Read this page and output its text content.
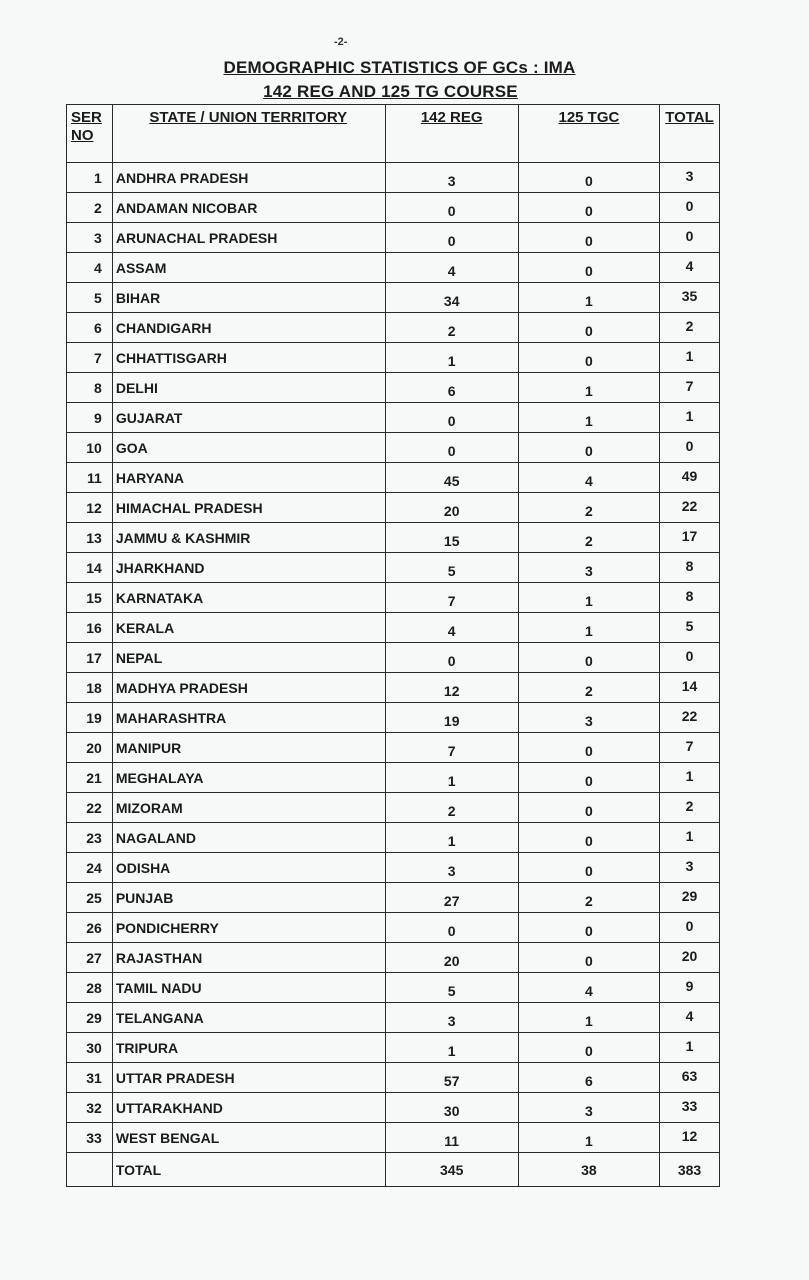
-2-
DEMOGRAPHIC STATISTICS OF GCs : IMA
142 REG AND 125 TG COURSE
SER
NO	STATE / UNION TERRITORY	142 REG	125 TGC	TOTAL
1	ANDHRA PRADESH	3	0	3
2	ANDAMAN NICOBAR	0	0	0
3	ARUNACHAL PRADESH	0	0	0
4	ASSAM	4	0	4
5	BIHAR	34	1	35
6	CHANDIGARH	2	0	2
7	CHHATTISGARH	1	0	1
8	DELHI	6	1	7
9	GUJARAT	0	1	1
10	GOA	0	0	0
11	HARYANA	45	4	49
12	HIMACHAL PRADESH	20	2	22
13	JAMMU & KASHMIR	15	2	17
14	JHARKHAND	5	3	8
15	KARNATAKA	7	1	8
16	KERALA	4	1	5
17	NEPAL	0	0	0
18	MADHYA PRADESH	12	2	14
19	MAHARASHTRA	19	3	22
20	MANIPUR	7	0	7
21	MEGHALAYA	1	0	1
22	MIZORAM	2	0	2
23	NAGALAND	1	0	1
24	ODISHA	3	0	3
25	PUNJAB	27	2	29
26	PONDICHERRY	0	0	0
27	RAJASTHAN	20	0	20
28	TAMIL NADU	5	4	9
29	TELANGANA	3	1	4
30	TRIPURA	1	0	1
31	UTTAR PRADESH	57	6	63
32	UTTARAKHAND	30	3	33
33	WEST BENGAL	11	1	12
	TOTAL	345	38	383
